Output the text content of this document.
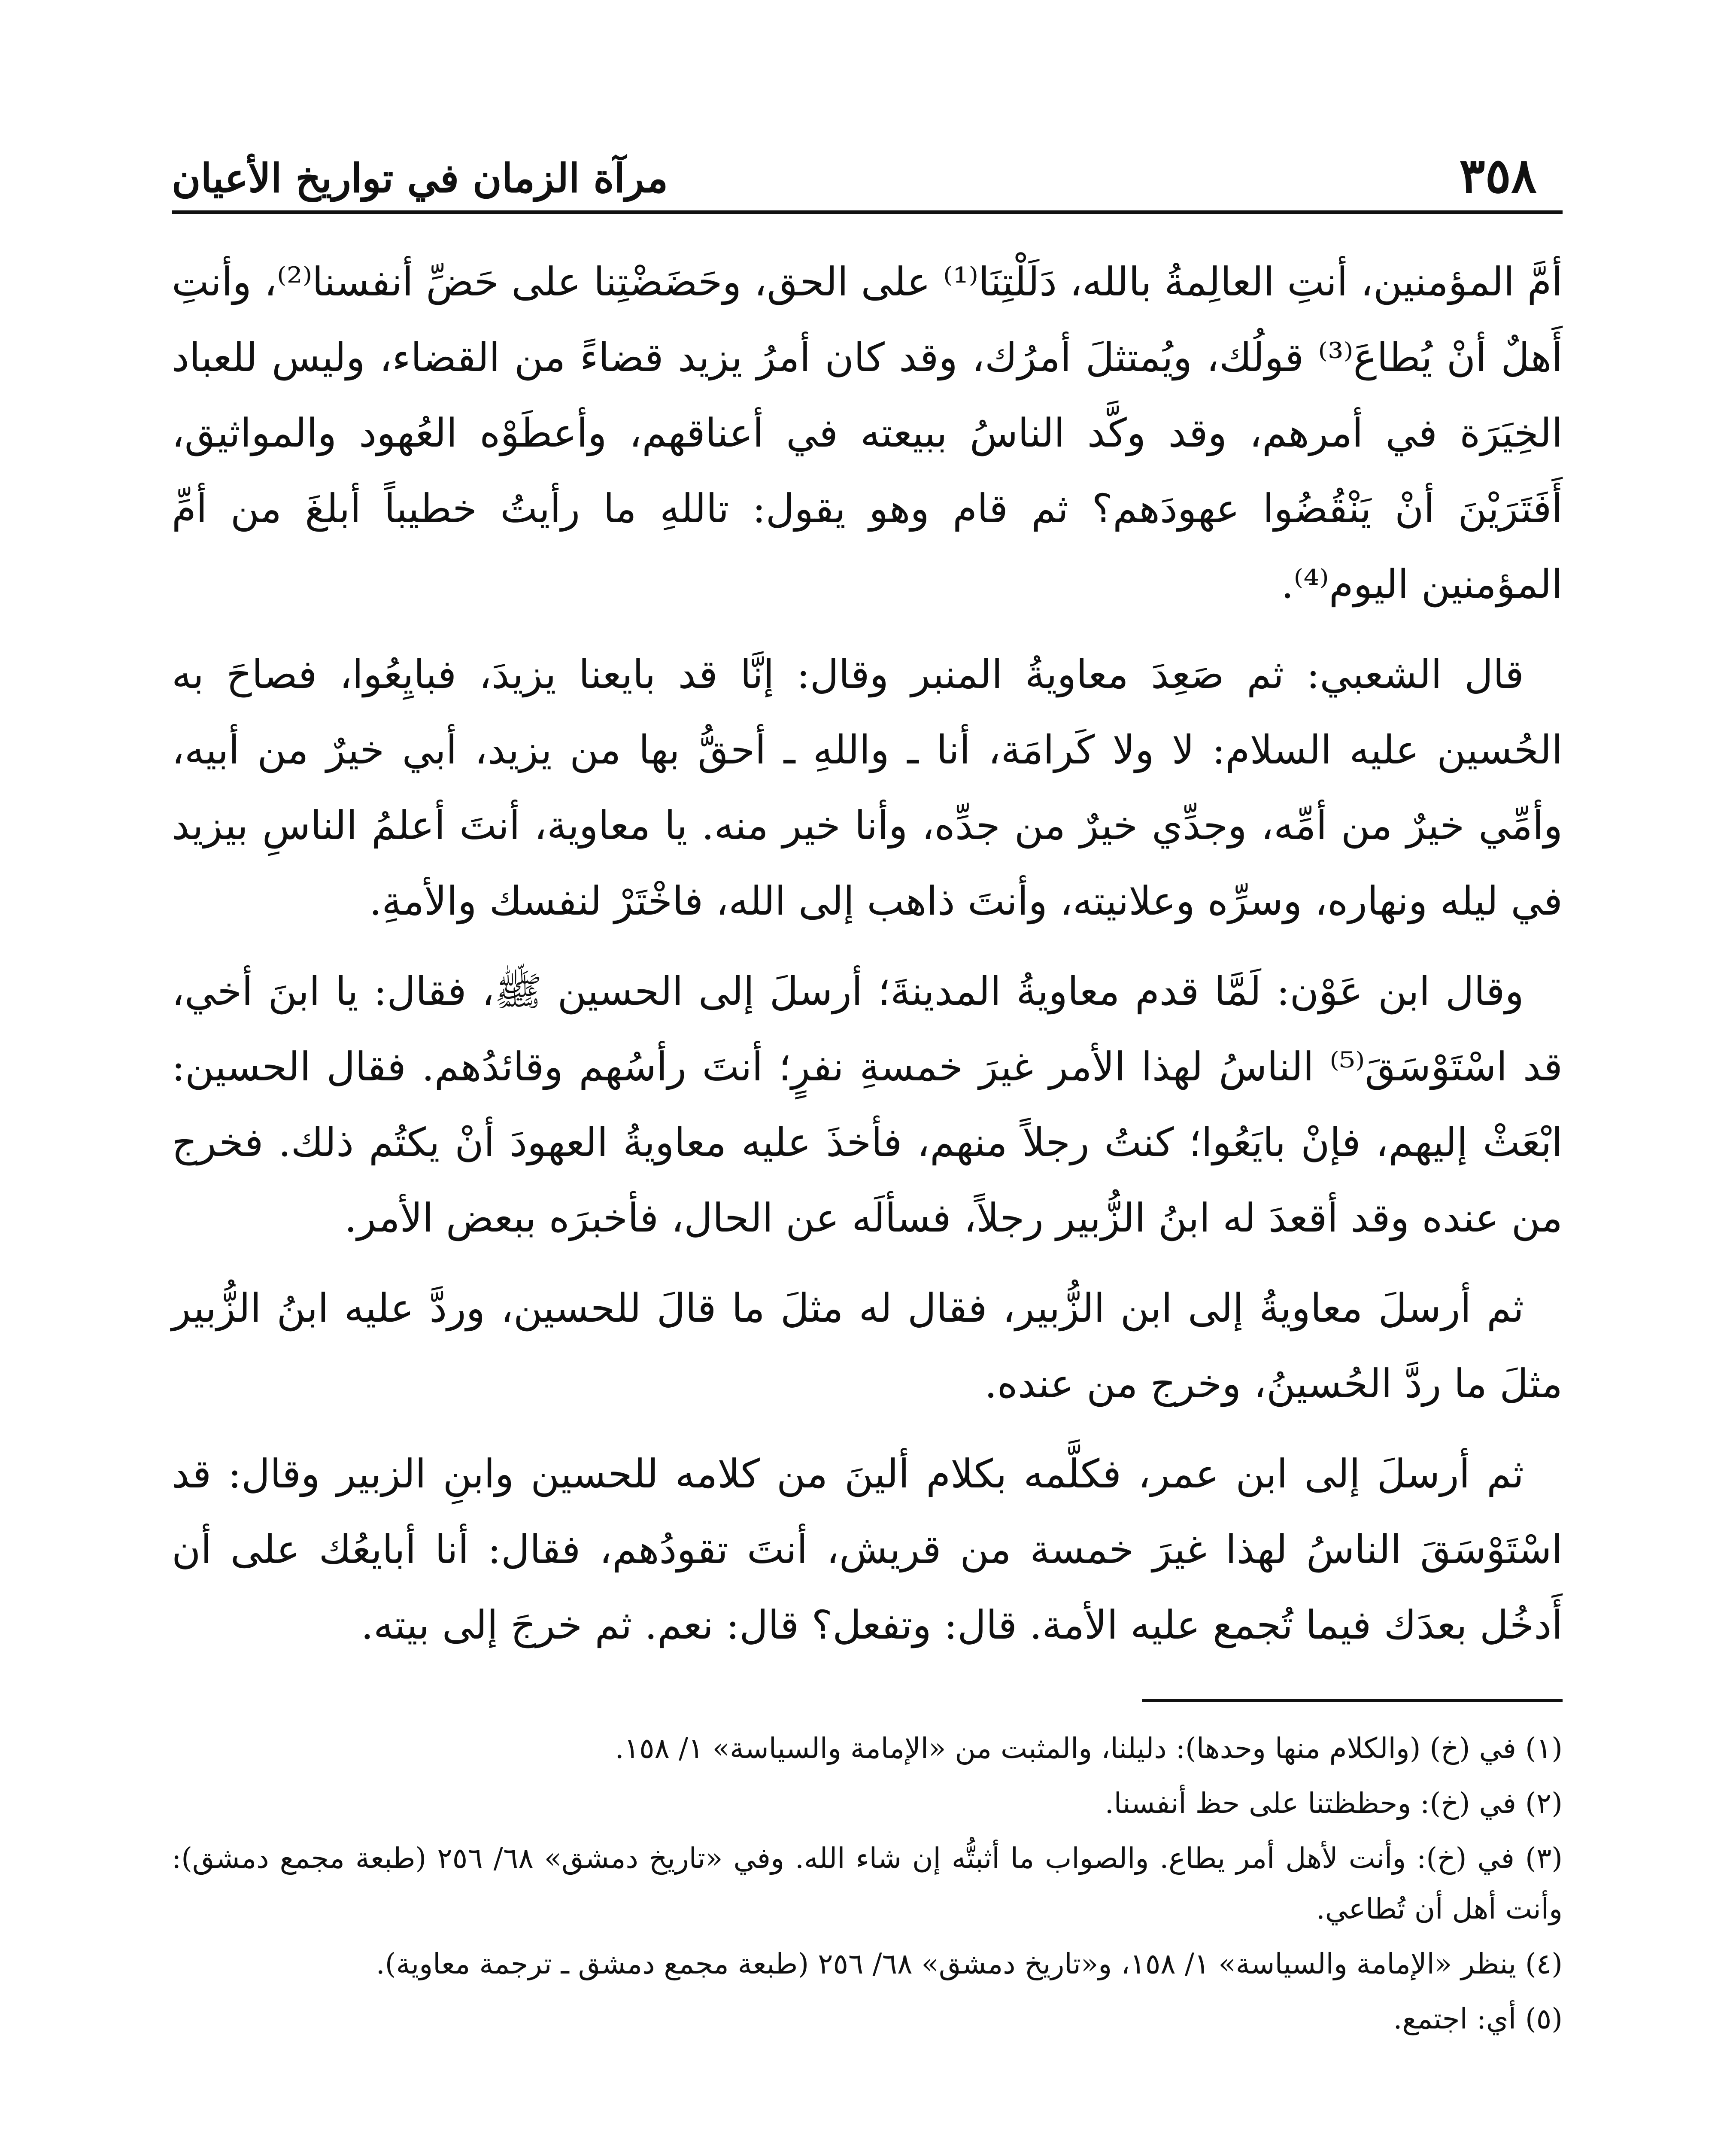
٣٥٨
مرآة الزمان في تواريخ الأعيان

أمَّ المؤمنين، أنتِ العالِمةُ بالله، دَلَلْتِنَا⁽¹⁾ على الحق، وحَضَضْتِنا على حَضِّ أنفسنا⁽²⁾، وأنتِ أَهلٌ أنْ يُطاعَ⁽³⁾ قولُك، ويُمتثلَ أمرُك، وقد كان أمرُ يزيد قضاءً من القضاء، وليس للعباد الخِيَرَة في أمرهم، وقد وكَّد الناسُ ببيعته في أعناقهم، وأعطَوْه العُهود والمواثيق، أَفَتَرَيْنَ أنْ يَنْقُضُوا عهودَهم؟ ثم قام وهو يقول: تاللهِ ما رأيتُ خطيباً أبلغَ من أمِّ المؤمنين اليوم⁽⁴⁾.

قال الشعبي: ثم صَعِدَ معاويةُ المنبر وقال: إنَّا قد بايعنا يزيدَ، فبايِعُوا، فصاحَ به الحُسين عليه السلام: لا ولا كَرامَة، أنا ـ واللهِ ـ أحقُّ بها من يزيد، أبي خيرٌ من أبيه، وأمِّي خيرٌ من أمِّه، وجدِّي خيرٌ من جدِّه، وأنا خير منه. يا معاوية، أنتَ أعلمُ الناسِ بيزيد في ليله ونهاره، وسرِّه وعلانيته، وأنتَ ذاهب إلى الله، فاخْتَرْ لنفسك والأمةِ.

وقال ابن عَوْن: لَمَّا قدم معاويةُ المدينةَ؛ أرسلَ إلى الحسين ﷺ، فقال: يا ابنَ أخي، قد اسْتَوْسَقَ⁽⁵⁾ الناسُ لهذا الأمر غيرَ خمسةِ نفرٍ؛ أنتَ رأسُهم وقائدُهم. فقال الحسين: ابْعَثْ إليهم، فإنْ بايَعُوا؛ كنتُ رجلاً منهم، فأخذَ عليه معاويةُ العهودَ أنْ يكتُم ذلك. فخرج من عنده وقد أقعدَ له ابنُ الزُّبير رجلاً، فسألَه عن الحال، فأخبرَه ببعض الأمر.

ثم أرسلَ معاويةُ إلى ابن الزُّبير، فقال له مثلَ ما قالَ للحسين، وردَّ عليه ابنُ الزُّبير مثلَ ما ردَّ الحُسينُ، وخرج من عنده.

ثم أرسلَ إلى ابن عمر، فكلَّمه بكلام ألينَ من كلامه للحسين وابنِ الزبير وقال: قد اسْتَوْسَقَ الناسُ لهذا غيرَ خمسة من قريش، أنتَ تقودُهم، فقال: أنا أبايعُك على أن أَدخُل بعدَك فيما تُجمع عليه الأمة. قال: وتفعل؟ قال: نعم. ثم خرجَ إلى بيته.

(١) في (خ) (والكلام منها وحدها): دليلنا، والمثبت من «الإمامة والسياسة» ١/ ١٥٨.

(٢) في (خ): وحظظتنا على حظ أنفسنا.

(٣) في (خ): وأنت لأهل أمر يطاع. والصواب ما أثبتُّه إن شاء الله. وفي «تاريخ دمشق» ٦٨/ ٢٥٦ (طبعة مجمع دمشق): وأنت أهل أن تُطاعي.

(٤) ينظر «الإمامة والسياسة» ١/ ١٥٨، و«تاريخ دمشق» ٦٨/ ٢٥٦ (طبعة مجمع دمشق ـ ترجمة معاوية).

(٥) أي: اجتمع.
